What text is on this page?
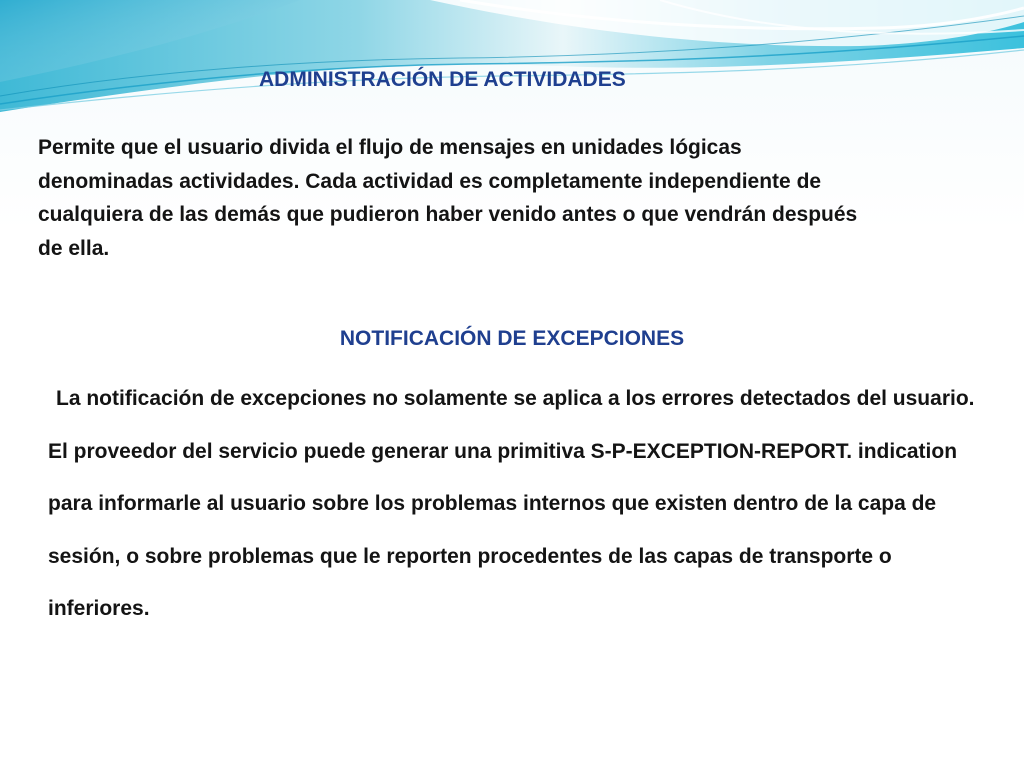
ADMINISTRACIÓN DE ACTIVIDADES

Permite que el usuario divida el flujo de mensajes en unidades lógicas denominadas actividades. Cada actividad es completamente independiente de cualquiera de las demás que pudieron haber venido antes o que vendrán después de ella.

NOTIFICACIÓN DE EXCEPCIONES

La notificación de excepciones no solamente se aplica a los errores detectados del usuario. El proveedor del servicio puede generar una primitiva S-P-EXCEPTION-REPORT. indication para informarle al usuario sobre los problemas internos que existen dentro de la capa de sesión, o sobre problemas que le reporten procedentes de las capas de transporte o inferiores.
